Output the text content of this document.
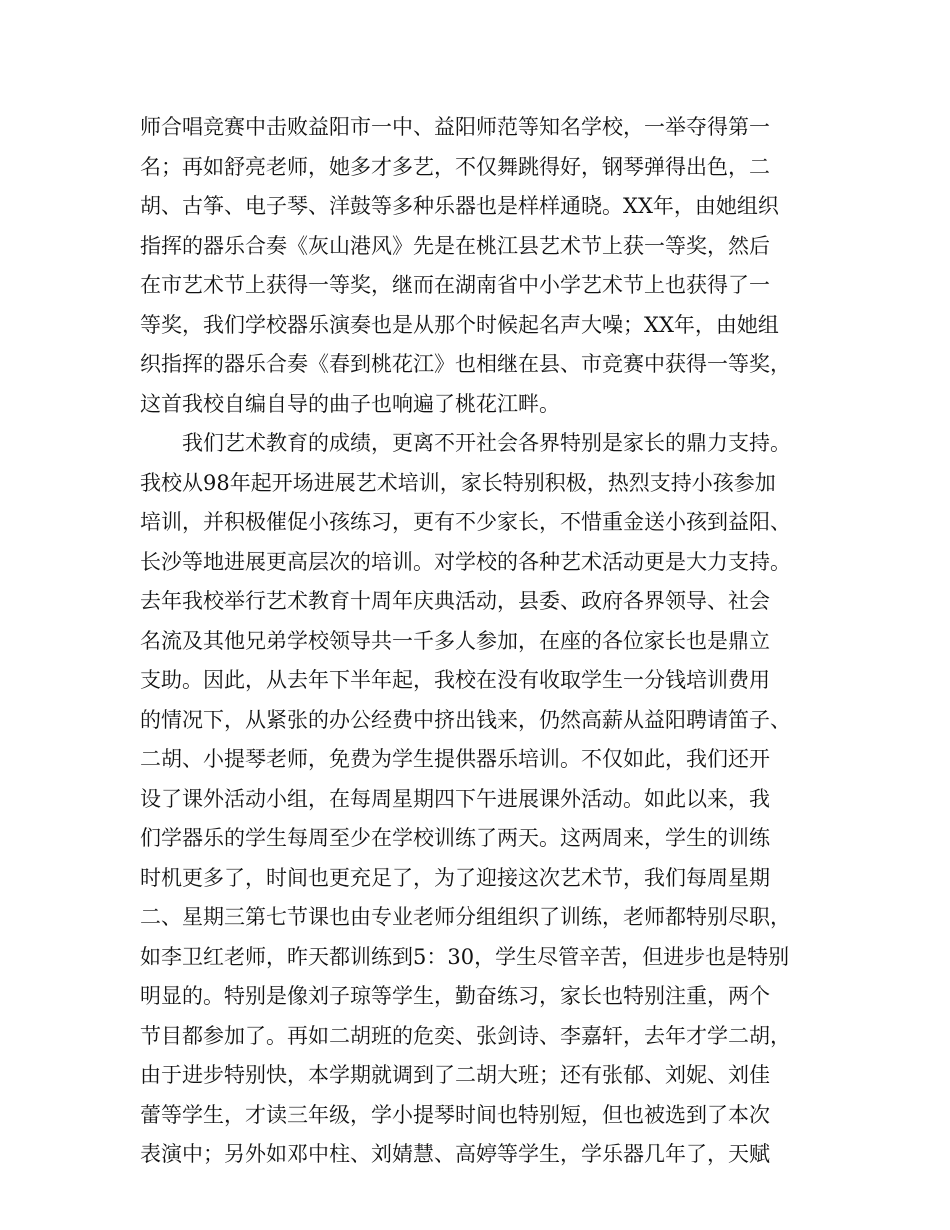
师合唱竞赛中击败益阳市一中、益阳师范等知名学校，一举夺得第一
名；再如舒亮老师，她多才多艺，不仅舞跳得好，钢琴弹得出色，二
胡、古筝、电子琴、洋鼓等多种乐器也是样样通晓。XX年，由她组织
指挥的器乐合奏《灰山港风》先是在桃江县艺术节上获一等奖，然后
在市艺术节上获得一等奖，继而在湖南省中小学艺术节上也获得了一
等奖，我们学校器乐演奏也是从那个时候起名声大噪；XX年，由她组
织指挥的器乐合奏《春到桃花江》也相继在县、市竞赛中获得一等奖，
这首我校自编自导的曲子也响遍了桃花江畔。
我们艺术教育的成绩，更离不开社会各界特别是家长的鼎力支持。
我校从98年起开场进展艺术培训，家长特别积极，热烈支持小孩参加
培训，并积极催促小孩练习，更有不少家长，不惜重金送小孩到益阳、
长沙等地进展更高层次的培训。对学校的各种艺术活动更是大力支持。
去年我校举行艺术教育十周年庆典活动，县委、政府各界领导、社会
名流及其他兄弟学校领导共一千多人参加，在座的各位家长也是鼎立
支助。因此，从去年下半年起，我校在没有收取学生一分钱培训费用
的情况下，从紧张的办公经费中挤出钱来，仍然高薪从益阳聘请笛子、
二胡、小提琴老师，免费为学生提供器乐培训。不仅如此，我们还开
设了课外活动小组，在每周星期四下午进展课外活动。如此以来，我
们学器乐的学生每周至少在学校训练了两天。这两周来，学生的训练
时机更多了，时间也更充足了，为了迎接这次艺术节，我们每周星期
二、星期三第七节课也由专业老师分组组织了训练，老师都特别尽职，
如李卫红老师，昨天都训练到5：30，学生尽管辛苦，但进步也是特别
明显的。特别是像刘子琼等学生，勤奋练习，家长也特别注重，两个
节目都参加了。再如二胡班的危奕、张剑诗、李嘉轩，去年才学二胡，
由于进步特别快，本学期就调到了二胡大班；还有张郁、刘妮、刘佳
蕾等学生，才读三年级，学小提琴时间也特别短，但也被选到了本次
表演中；另外如邓中柱、刘婧慧、高婷等学生，学乐器几年了，天赋
